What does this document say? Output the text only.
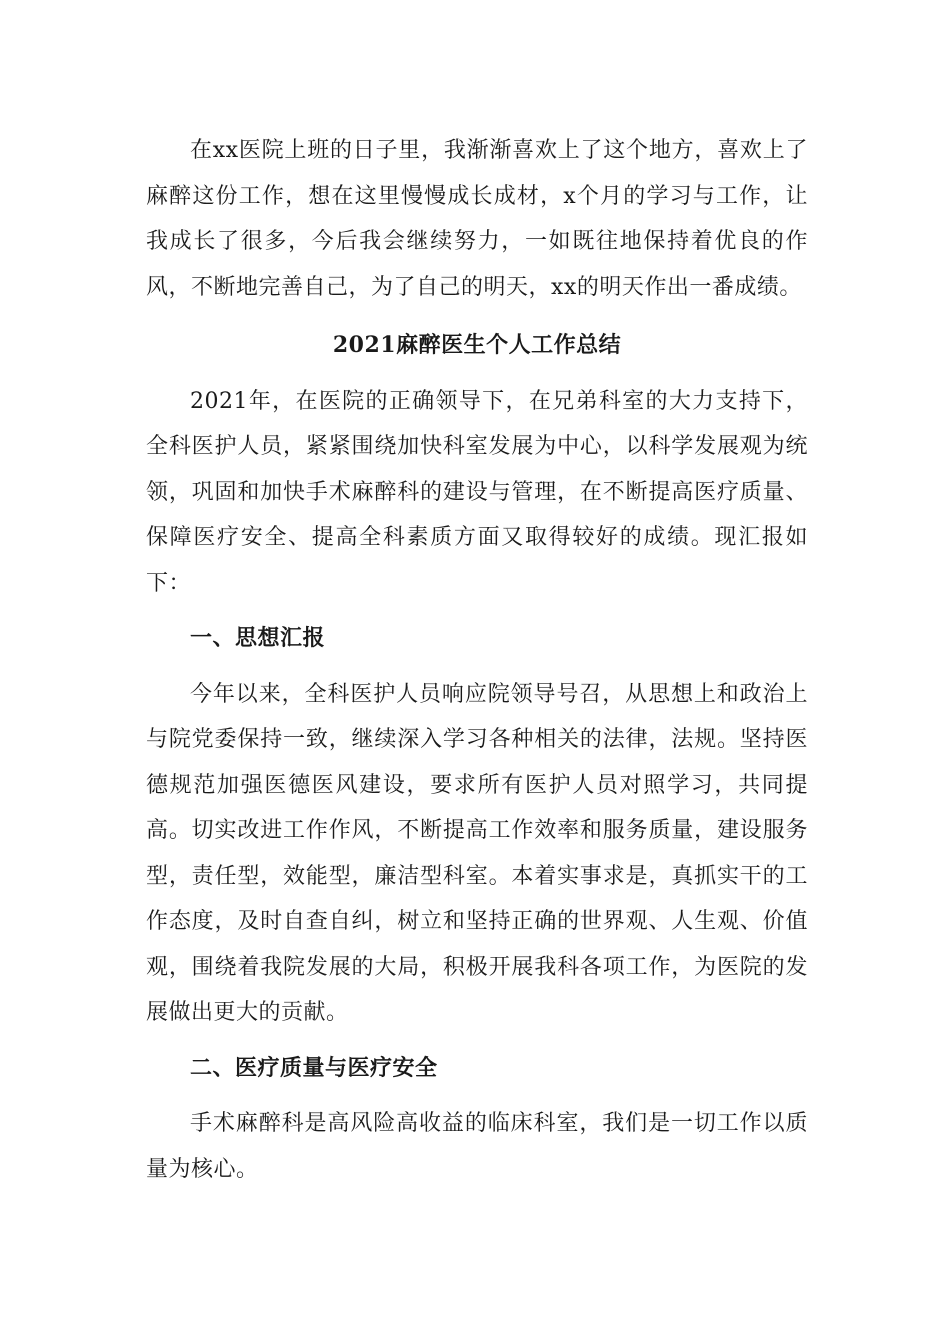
在xx医院上班的日子里，我渐渐喜欢上了这个地方，喜欢上了麻醉这份工作，想在这里慢慢成长成材，x个月的学习与工作，让我成长了很多，今后我会继续努力，一如既往地保持着优良的作风，不断地完善自己，为了自己的明天，xx的明天作出一番成绩。

2021麻醉医生个人工作总结

2021年，在医院的正确领导下，在兄弟科室的大力支持下，全科医护人员，紧紧围绕加快科室发展为中心，以科学发展观为统领，巩固和加快手术麻醉科的建设与管理，在不断提高医疗质量、保障医疗安全、提高全科素质方面又取得较好的成绩。现汇报如下：

一、思想汇报

今年以来，全科医护人员响应院领导号召，从思想上和政治上与院党委保持一致，继续深入学习各种相关的法律，法规。坚持医德规范加强医德医风建设，要求所有医护人员对照学习，共同提高。切实改进工作作风，不断提高工作效率和服务质量，建设服务型，责任型，效能型，廉洁型科室。本着实事求是，真抓实干的工作态度，及时自查自纠，树立和坚持正确的世界观、人生观、价值观，围绕着我院发展的大局，积极开展我科各项工作，为医院的发展做出更大的贡献。

二、医疗质量与医疗安全

手术麻醉科是高风险高收益的临床科室，我们是一切工作以质量为核心。
